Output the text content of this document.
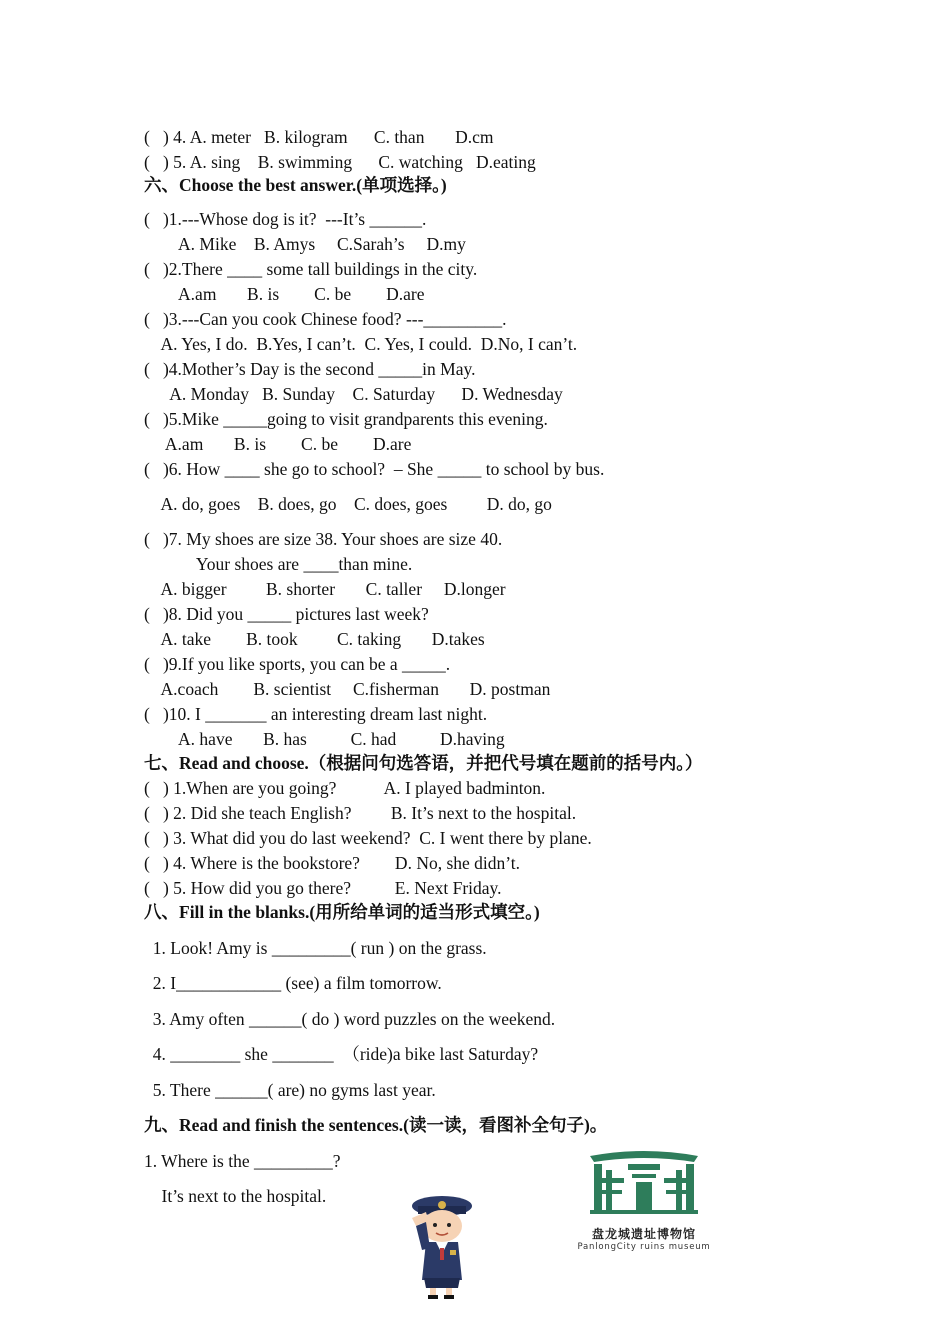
(   ) 4. A. meter   B. kilogram      C. than       D.cm
(   ) 5. A. sing    B. swimming      C. watching   D.eating
六、Choose the best answer.(单项选择。)
(   )1.---Whose dog is it?  ---It’s ______.
A. Mike    B. Amys     C.Sarah’s     D.my
(   )2.There ____ some tall buildings in the city.
A.am       B. is        C. be        D.are
(   )3.---Can you cook Chinese food? ---_________.
A. Yes, I do.  B.Yes, I can’t.  C. Yes, I could.  D.No, I can’t.
(   )4.Mother’s Day is the second _____in May.
A. Monday   B. Sunday    C. Saturday      D. Wednesday
(   )5.Mike _____going to visit grandparents this evening.
A.am       B. is        C. be        D.are
(   )6. How ____ she go to school?  – She _____ to school by bus.
A. do, goes    B. does, go    C. does, goes         D. do, go
(   )7. My shoes are size 38. Your shoes are size 40.
Your shoes are ____than mine.
A. bigger         B. shorter       C. taller     D.longer
(   )8. Did you _____ pictures last week?
A. take        B. took         C. taking       D.takes
(   )9.If you like sports, you can be a _____.
A.coach        B. scientist     C.fisherman       D. postman
(   )10. I _______ an interesting dream last night.
A. have       B. has          C. had          D.having
七、Read and choose.（根据问句选答语，并把代号填在题前的括号内。）
(   ) 1.When are you going?           A. I played badminton.
(   ) 2. Did she teach English?         B. It’s next to the hospital.
(   ) 3. What did you do last weekend?  C. I went there by plane.
(   ) 4. Where is the bookstore?        D. No, she didn’t.
(   ) 5. How did you go there?          E. Next Friday.
八、Fill in the blanks.(用所给单词的适当形式填空。)
1. Look! Amy is _________( run ) on the grass.
2. I____________ (see) a film tomorrow.
3. Amy often ______( do ) word puzzles on the weekend.
4. ________ she _______  （ride)a bike last Saturday?
5. There ______( are) no gyms last year.
九、Read and finish the sentences.(读一读，看图补全句子)。
1. Where is the _________?
It’s next to the hospital.
盘龙城遗址博物馆
PanlongCity ruins museum
